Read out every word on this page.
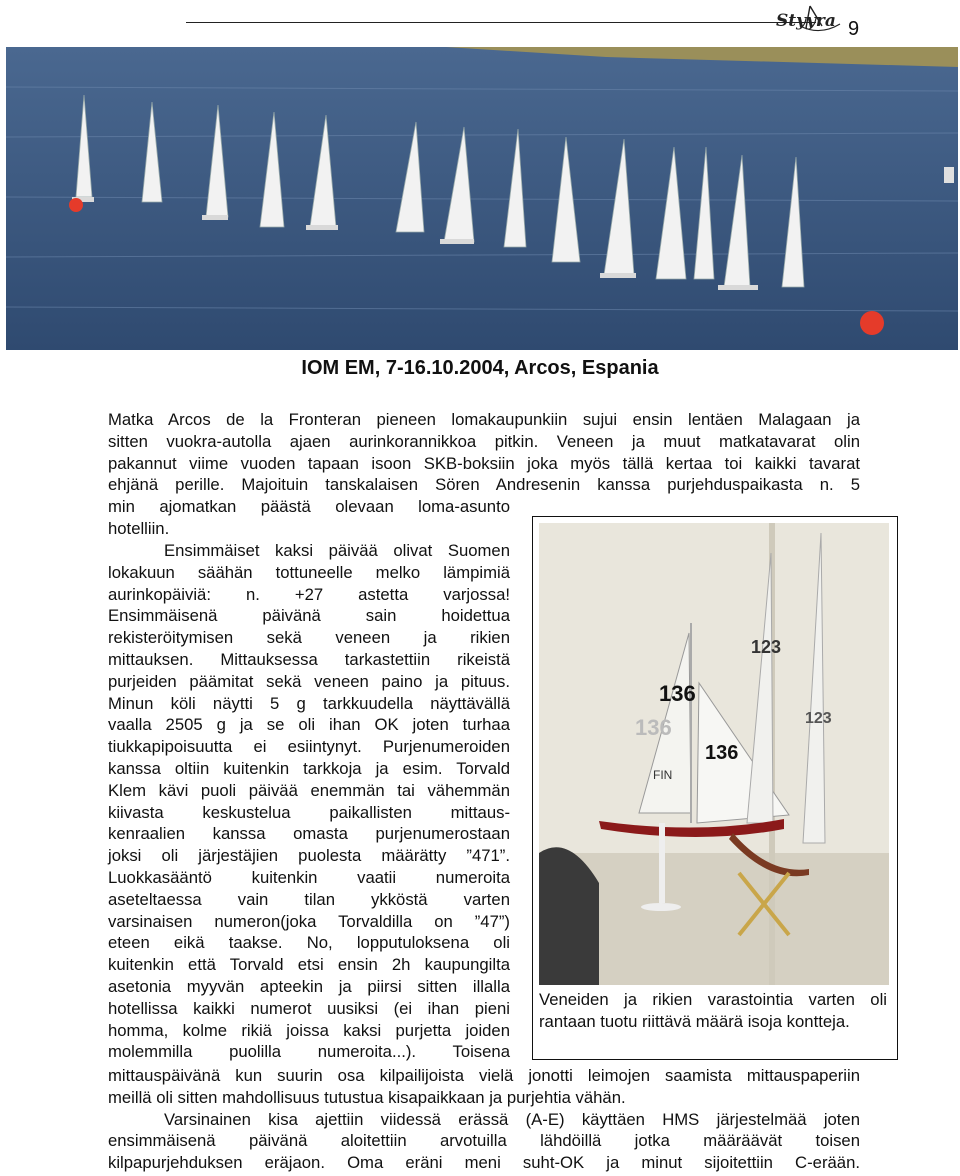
Styyra 9
IOM EM, 7-16.10.2004, Arcos, Espania
Matka Arcos de la Fronteran pieneen lomakaupunkiin sujui ensin lentäen Malagaan ja
sitten vuokra-autolla ajaen aurinkorannikkoa pitkin. Veneen ja muut matkatavarat olin
pakannut viime vuoden tapaan isoon SKB-boksiin joka myös tällä kertaa toi kaikki tavarat
ehjänä perille. Majoituin tanskalaisen Sören Andresenin kanssa purjehduspaikasta n. 5
min ajomatkan päästä olevaan loma-asunto
hotelliin.
Ensimmäiset kaksi päivää olivat Suomen
lokakuun säähän tottuneelle melko lämpimiä
aurinkopäiviä: n. +27 astetta varjossa!
Ensimmäisenä päivänä sain hoidettua
rekisteröitymisen sekä veneen ja rikien
mittauksen. Mittauksessa tarkastettiin rikeistä
purjeiden päämitat sekä veneen paino ja pituus.
Minun köli näytti 5 g tarkkuudella näyttävällä
vaalla 2505 g ja se oli ihan OK joten turhaa
tiukkapipoisuutta ei esiintynyt. Purjenumeroiden
kanssa oltiin kuitenkin tarkkoja ja esim. Torvald
Klem kävi puoli päivää enemmän tai vähemmän
kiivasta keskustelua paikallisten mittaus-
kenraalien kanssa omasta purjenumerostaan
joksi oli järjestäjien puolesta määrätty ”471”.
Luokkasääntö kuitenkin vaatii numeroita
aseteltaessa vain tilan ykköstä varten
varsinaisen numeron(joka Torvaldilla on ”47”)
eteen eikä taakse. No, lopputuloksena oli
kuitenkin että Torvald etsi ensin 2h kaupungilta
asetonia myyvän apteekin ja piirsi sitten illalla
hotellissa kaikki numerot uusiksi (ei ihan pieni
homma, kolme rikiä joissa kaksi purjetta joiden
molemmilla puolilla numeroita...). Toisena
136
136
FIN
136
123
123

Veneiden ja rikien varastointia varten oli rantaan tuotu riittävä määrä isoja kontteja.

mittauspäivänä kun suurin osa kilpailijoista vielä jonotti leimojen saamista mittauspaperiin
meillä oli sitten mahdollisuus tutustua kisapaikkaan ja purjehtia vähän.
Varsinainen kisa ajettiin viidessä erässä (A-E) käyttäen HMS järjestelmää joten
ensimmäisenä päivänä aloitettiin arvotuilla lähdöillä jotka määräävät toisen
kilpapurjehduksen eräjaon. Oma eräni meni suht-OK ja minut sijoitettiin C-erään.
